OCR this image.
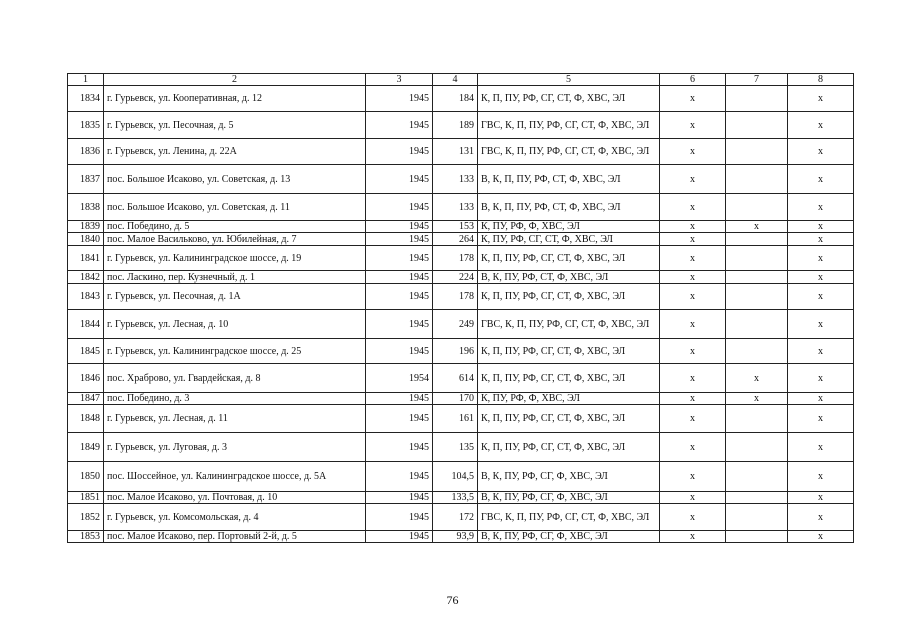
1	2	3	4	5	6	7	8
1834	г. Гурьевск, ул. Кооперативная, д. 12	1945	184	К, П, ПУ, РФ, СГ, СТ, Ф, ХВС, ЭЛ	х		х
1835	г. Гурьевск, ул. Песочная, д. 5	1945	189	ГВС, К, П, ПУ, РФ, СГ, СТ, Ф, ХВС, ЭЛ	х		х
1836	г. Гурьевск, ул. Ленина, д. 22А	1945	131	ГВС, К, П, ПУ, РФ, СГ, СТ, Ф, ХВС, ЭЛ	х		х
1837	пос. Большое Исаково, ул. Советская, д. 13	1945	133	В, К, П, ПУ, РФ, СТ, Ф, ХВС, ЭЛ	х		х
1838	пос. Большое Исаково, ул. Советская, д. 11	1945	133	В, К, П, ПУ, РФ, СТ, Ф, ХВС, ЭЛ	х		х
1839	пос. Победино, д. 5	1945	153	К, ПУ, РФ, Ф, ХВС, ЭЛ	х	х	х
1840	пос. Малое Васильково, ул. Юбилейная, д. 7	1945	264	К, ПУ, РФ, СГ, СТ, Ф, ХВС, ЭЛ	х		х
1841	г. Гурьевск, ул. Калининградское шоссе, д. 19	1945	178	К, П, ПУ, РФ, СГ, СТ, Ф, ХВС, ЭЛ	х		х
1842	пос. Ласкино, пер. Кузнечный, д. 1	1945	224	В, К, ПУ, РФ, СТ, Ф, ХВС, ЭЛ	х		х
1843	г. Гурьевск, ул. Песочная, д. 1А	1945	178	К, П, ПУ, РФ, СГ, СТ, Ф, ХВС, ЭЛ	х		х
1844	г. Гурьевск, ул. Лесная, д. 10	1945	249	ГВС, К, П, ПУ, РФ, СГ, СТ, Ф, ХВС, ЭЛ	х		х
1845	г. Гурьевск, ул. Калининградское шоссе, д. 25	1945	196	К, П, ПУ, РФ, СГ, СТ, Ф, ХВС, ЭЛ	х		х
1846	пос. Храброво, ул. Гвардейская, д. 8	1954	614	К, П, ПУ, РФ, СГ, СТ, Ф, ХВС, ЭЛ	х	х	х
1847	пос. Победино, д. 3	1945	170	К, ПУ, РФ, Ф, ХВС, ЭЛ	х	х	х
1848	г. Гурьевск, ул. Лесная, д. 11	1945	161	К, П, ПУ, РФ, СГ, СТ, Ф, ХВС, ЭЛ	х		х
1849	г. Гурьевск, ул. Луговая, д. 3	1945	135	К, П, ПУ, РФ, СГ, СТ, Ф, ХВС, ЭЛ	х		х
1850	пос. Шоссейное, ул. Калининградское шоссе, д. 5А	1945	104,5	В, К, ПУ, РФ, СГ, Ф, ХВС, ЭЛ	х		х
1851	пос. Малое Исаково, ул. Почтовая, д. 10	1945	133,5	В, К, ПУ, РФ, СГ, Ф, ХВС, ЭЛ	х		х
1852	г. Гурьевск, ул. Комсомольская, д. 4	1945	172	ГВС, К, П, ПУ, РФ, СГ, СТ, Ф, ХВС, ЭЛ	х		х
1853	пос. Малое Исаково, пер. Портовый 2-й, д. 5	1945	93,9	В, К, ПУ, РФ, СГ, Ф, ХВС, ЭЛ	х		х
76
